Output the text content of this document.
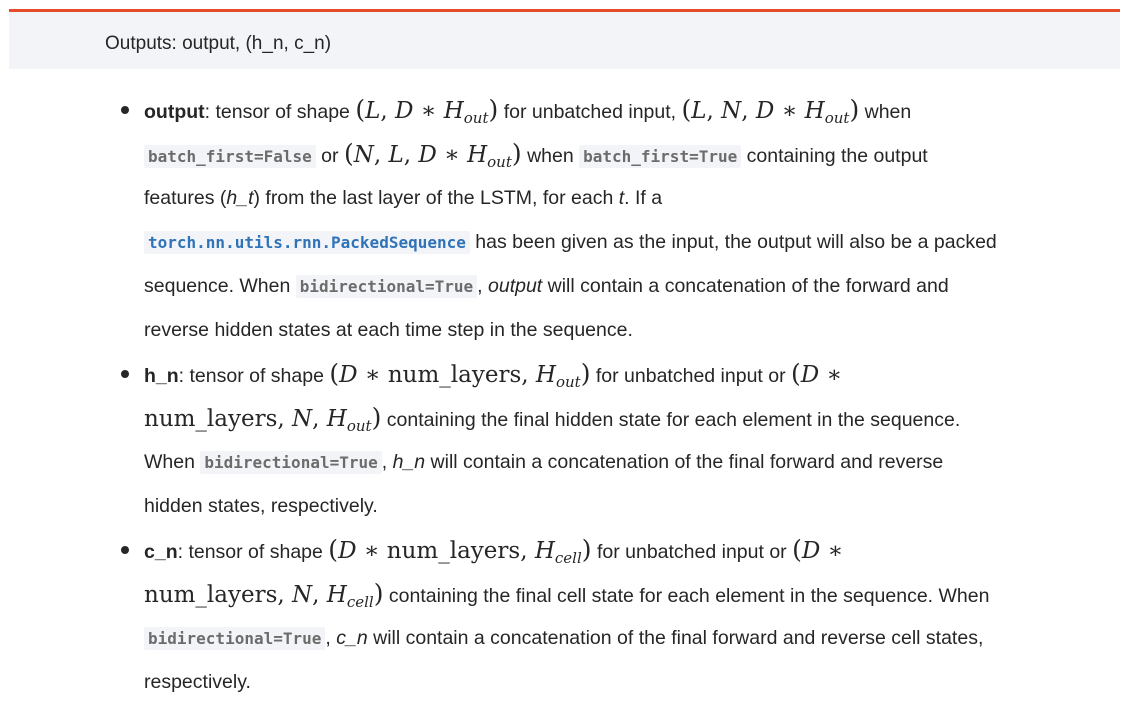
Outputs: output, (h_n, c_n)
output: tensor of shape (L, D ∗ $H_{out}$) for unbatched input, (L, N, D ∗ $H_{out}$) when
batch_first=False or (N, L, D ∗ $H_{out}$) when batch_first=True containing the output
features (h_t) from the last layer of the LSTM, for each t. If a
torch.nn.utils.rnn.PackedSequence has been given as the input, the output will also be a packed
sequence. When bidirectional=True , output will contain a concatenation of the forward and
reverse hidden states at each time step in the sequence.
h_n: tensor of shape (D ∗ num_layers, $H_{out}$) for unbatched input or (D ∗
num_layers, N, $H_{out}$) containing the final hidden state for each element in the sequence.
When bidirectional=True , h_n will contain a concatenation of the final forward and reverse
hidden states, respectively.
c_n: tensor of shape (D ∗ num_layers, $H_{cell}$) for unbatched input or (D ∗
num_layers, N, $H_{cell}$) containing the final cell state for each element in the sequence. When
bidirectional=True , c_n will contain a concatenation of the final forward and reverse cell states,
respectively.
